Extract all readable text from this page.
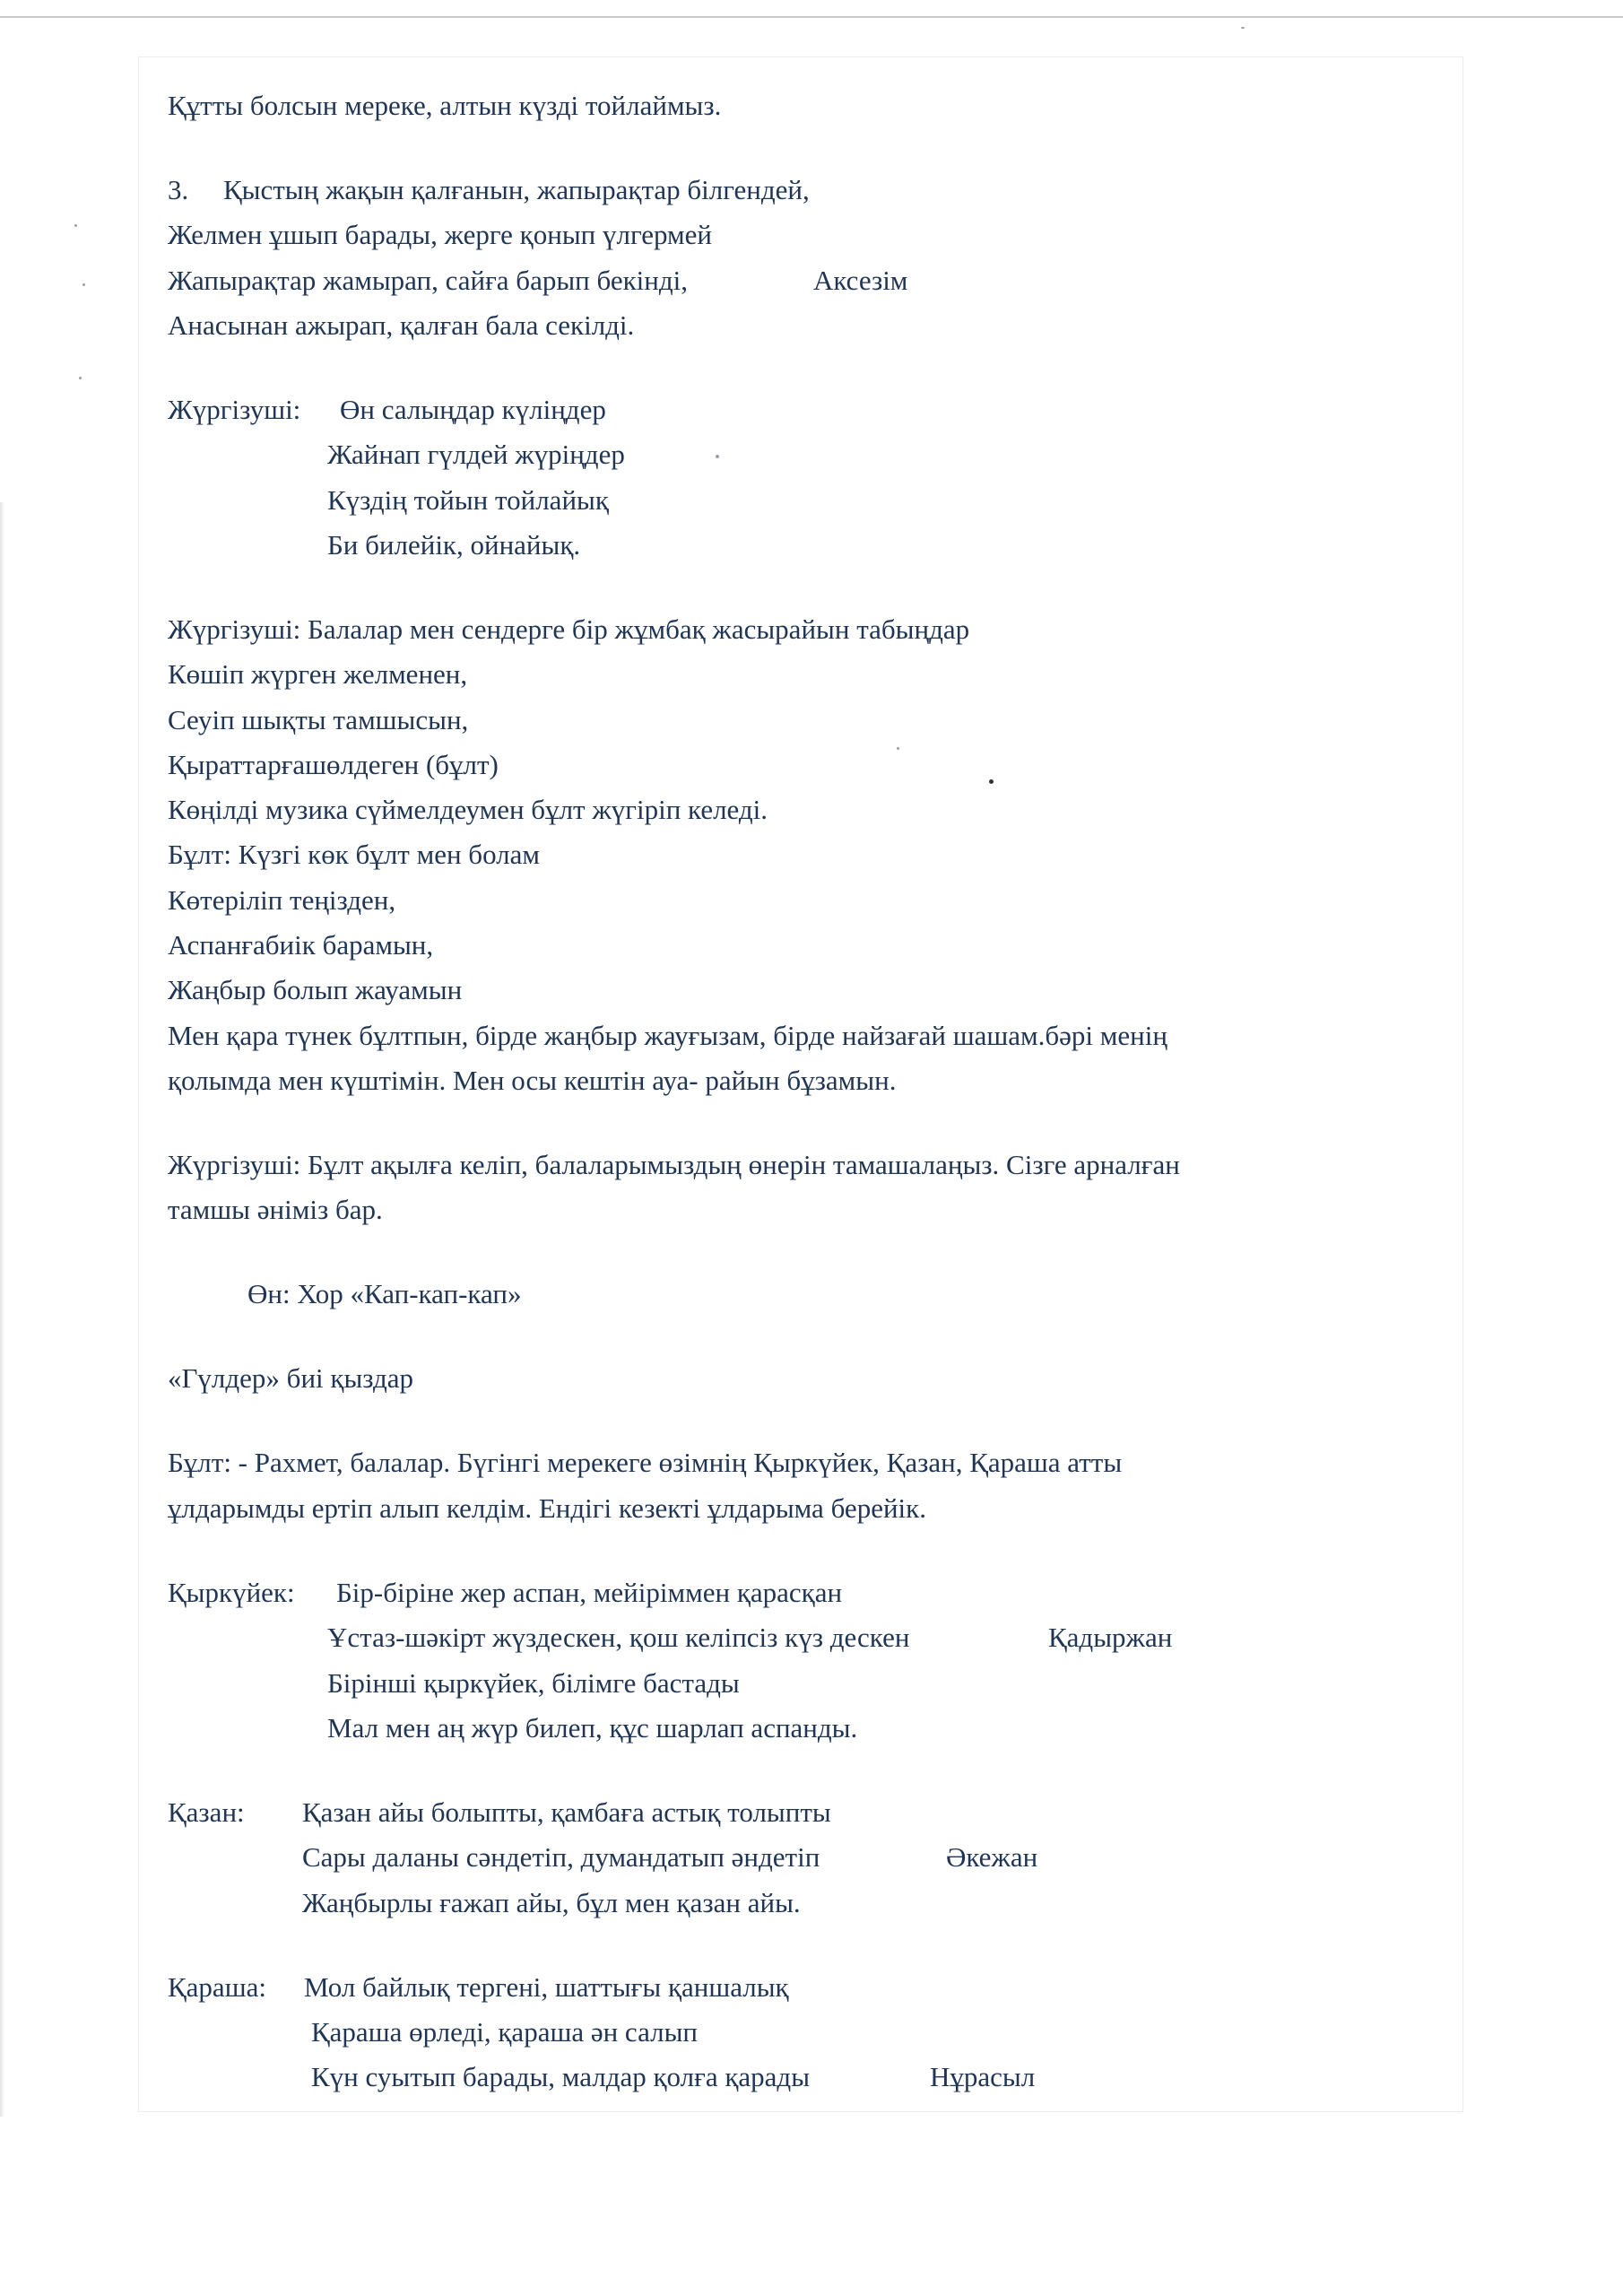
Құтты болсын мереке, алтын күзді тойлаймыз.
3. Қыстың жақын қалғанын, жапырақтар білгендей,
Желмен ұшып барады, жерге қонып үлгермей
Жапырақтар жамырап, сайға барып бекінді,	Аксезім
Анасынан ажырап, қалған бала секілді.
Жүргізуші: Өн салыңдар күліңдер
Жайнап гүлдей жүріңдер
Күздің тойын тойлайық
Би билейік, ойнайық.
Жүргізуші: Балалар мен сендерге бір жұмбақ жасырайын табыңдар
Көшіп жүрген желменен,
Сеуіп шықты тамшысын,
Қыраттарғашөлдеген (бұлт)
Көңілді музика сүймелдеумен бұлт жүгіріп келеді.
Бұлт: Күзгі көк бұлт мен болам
Көтеріліп теңізден,
Аспанғабиік барамын,
Жаңбыр болып жауамын
Мен қара түнек бұлтпын, бірде жаңбыр жауғызам, бірде найзағай шашам.бәрі менің
қолымда мен күштімін. Мен осы кештін ауа- райын бұзамын.
Жүргізуші: Бұлт ақылға келіп, балаларымыздың өнерін тамашалаңыз. Сізге арналған
тамшы әніміз бар.
Өн: Хор «Кап-кап-кап»
«Гүлдер» биі қыздар
Бұлт: - Рахмет, балалар. Бүгінгі мерекеге өзімнің Қыркүйек, Қазан, Қараша атты
ұлдарымды ертіп алып келдім. Ендігі кезекті ұлдарыма берейік.
Қыркүйек: Бір-біріне жер аспан, мейіріммен қарасқан
Ұстаз-шәкірт жүздескен, қош келіпсіз күз дескен	Қадыржан
Бірінші қыркүйек, білімге бастады
Мал мен аң жүр билеп, құс шарлап аспанды.
Қазан: Қазан айы болыпты, қамбаға астық толыпты
Сары даланы сәндетіп, думандатып әндетіп	Әкежан
Жаңбырлы ғажап айы, бұл мен қазан айы.
Қараша: Мол байлық тергені, шаттығы қаншалық
Қараша өрледі, қараша ән салып
Күн суытып барады, малдар қолға қарады	Нұрасыл
